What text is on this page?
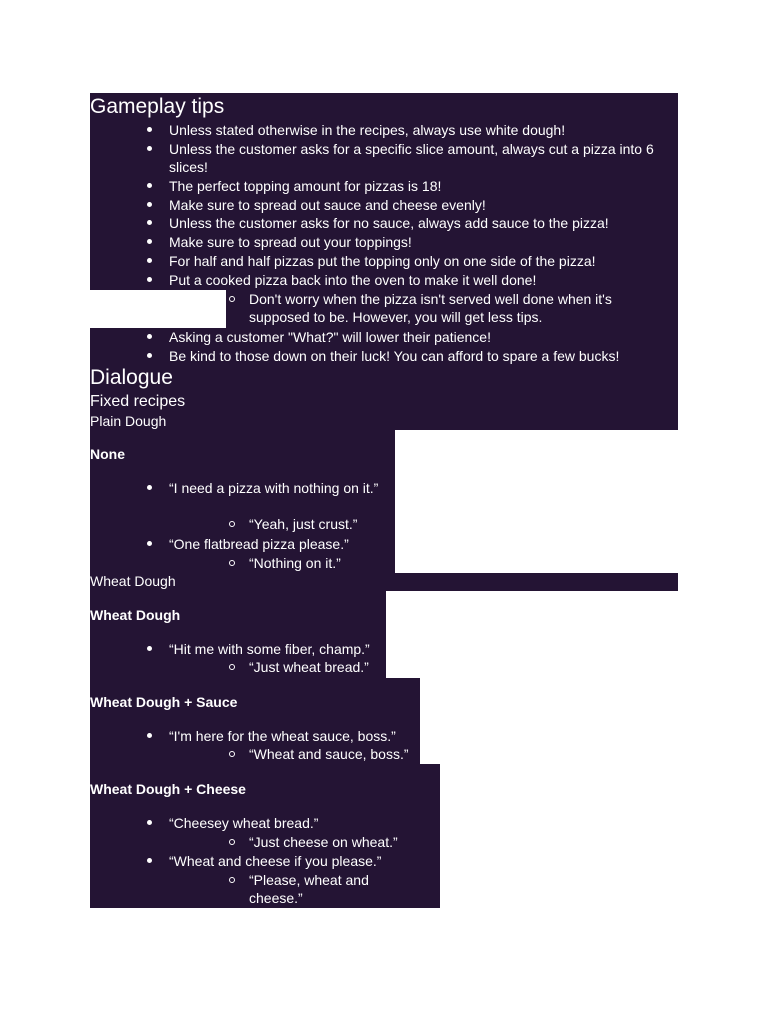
Gameplay tips
Unless stated otherwise in the recipes, always use white dough!
Unless the customer asks for a specific slice amount, always cut a pizza into 6 slices!
The perfect topping amount for pizzas is 18!
Make sure to spread out sauce and cheese evenly!
Unless the customer asks for no sauce, always add sauce to the pizza!
Make sure to spread out your toppings!
For half and half pizzas put the topping only on one side of the pizza!
Put a cooked pizza back into the oven to make it well done!
Don't worry when the pizza isn't served well done when it's supposed to be. However, you will get less tips.
Asking a customer "What?" will lower their patience!
Be kind to those down on their luck! You can afford to spare a few bucks!
Dialogue
Fixed recipes
Plain Dough
None
“I need a pizza with nothing on it.”
“Yeah, just crust.”
“One flatbread pizza please.”
“Nothing on it.”
Wheat Dough
Wheat Dough
“Hit me with some fiber, champ.”
“Just wheat bread.”
Wheat Dough + Sauce
“I'm here for the wheat sauce, boss.”
“Wheat and sauce, boss.”
Wheat Dough + Cheese
“Cheesey wheat bread.”
“Just cheese on wheat.”
“Wheat and cheese if you please.”
“Please, wheat and cheese.”
